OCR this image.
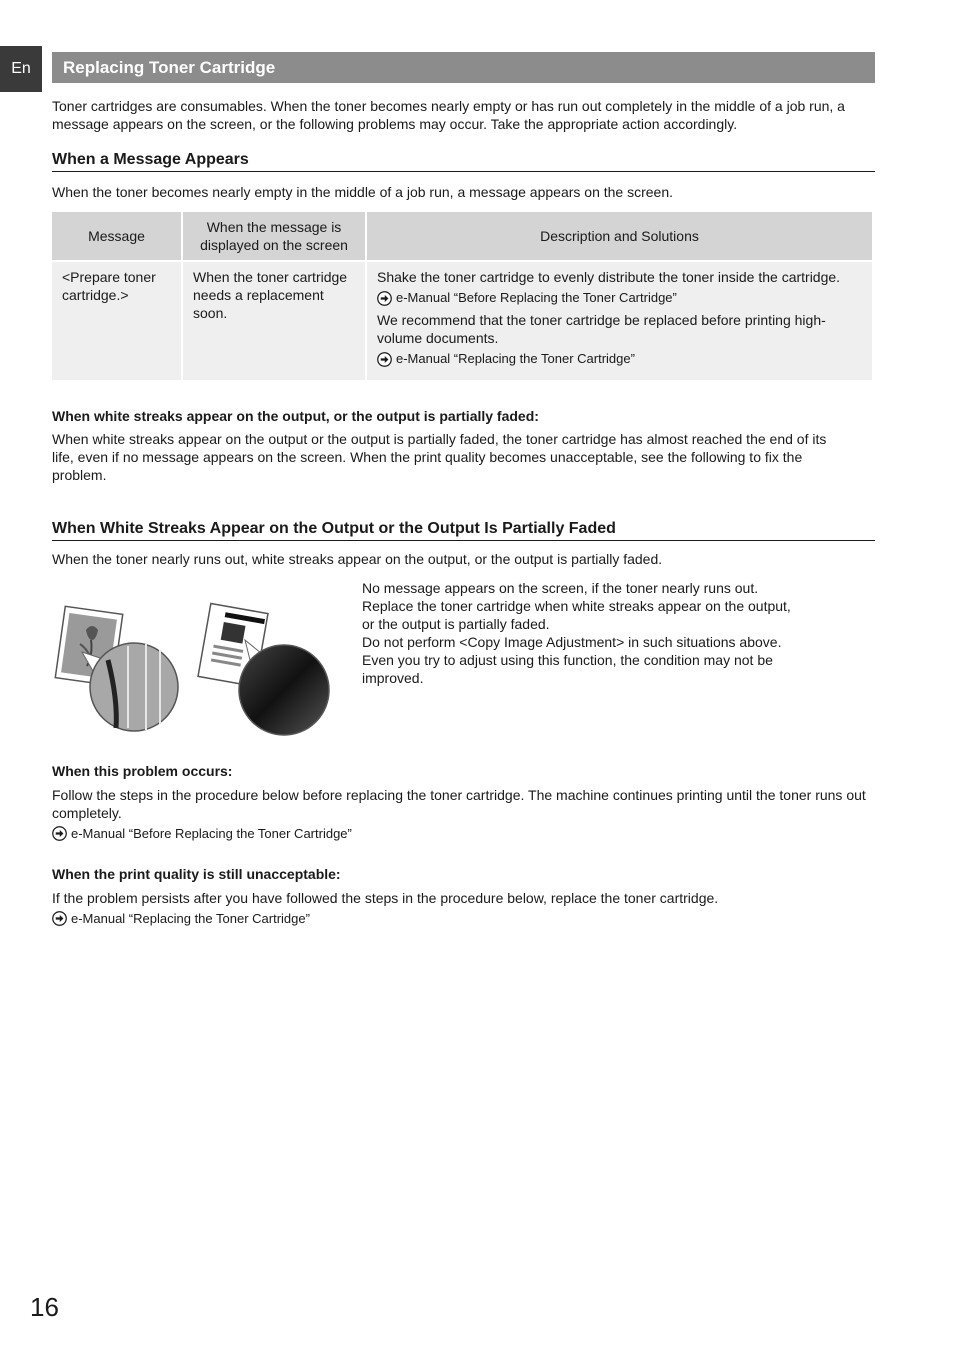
En	Replacing Toner Cartridge

Toner cartridges are consumables. When the toner becomes nearly empty or has run out completely in the middle of a job run, a message appears on the screen, or the following problems may occur. Take the appropriate action accordingly.

When a Message Appears

When the toner becomes nearly empty in the middle of a job run, a message appears on the screen.

Message	When the message is displayed on the screen	Description and Solutions
<Prepare toner cartridge.>	When the toner cartridge needs a replacement soon.	Shake the toner cartridge to evenly distribute the toner inside the cartridge.
e-Manual “Before Replacing the Toner Cartridge”
We recommend that the toner cartridge be replaced before printing high-volume documents.
e-Manual “Replacing the Toner Cartridge”

When white streaks appear on the output, or the output is partially faded:

When white streaks appear on the output or the output is partially faded, the toner cartridge has almost reached the end of its life, even if no message appears on the screen. When the print quality becomes unacceptable, see the following to fix the problem.

When White Streaks Appear on the Output or the Output Is Partially Faded

When the toner nearly runs out, white streaks appear on the output, or the output is partially faded.

No message appears on the screen, if the toner nearly runs out. Replace the toner cartridge when white streaks appear on the output, or the output is partially faded.
Do not perform <Copy Image Adjustment> in such situations above. Even you try to adjust using this function, the condition may not be improved.

When this problem occurs:

Follow the steps in the procedure below before replacing the toner cartridge. The machine continues printing until the toner runs out completely.

e-Manual “Before Replacing the Toner Cartridge”

When the print quality is still unacceptable:

If the problem persists after you have followed the steps in the procedure below, replace the toner cartridge.

e-Manual “Replacing the Toner Cartridge”
16
